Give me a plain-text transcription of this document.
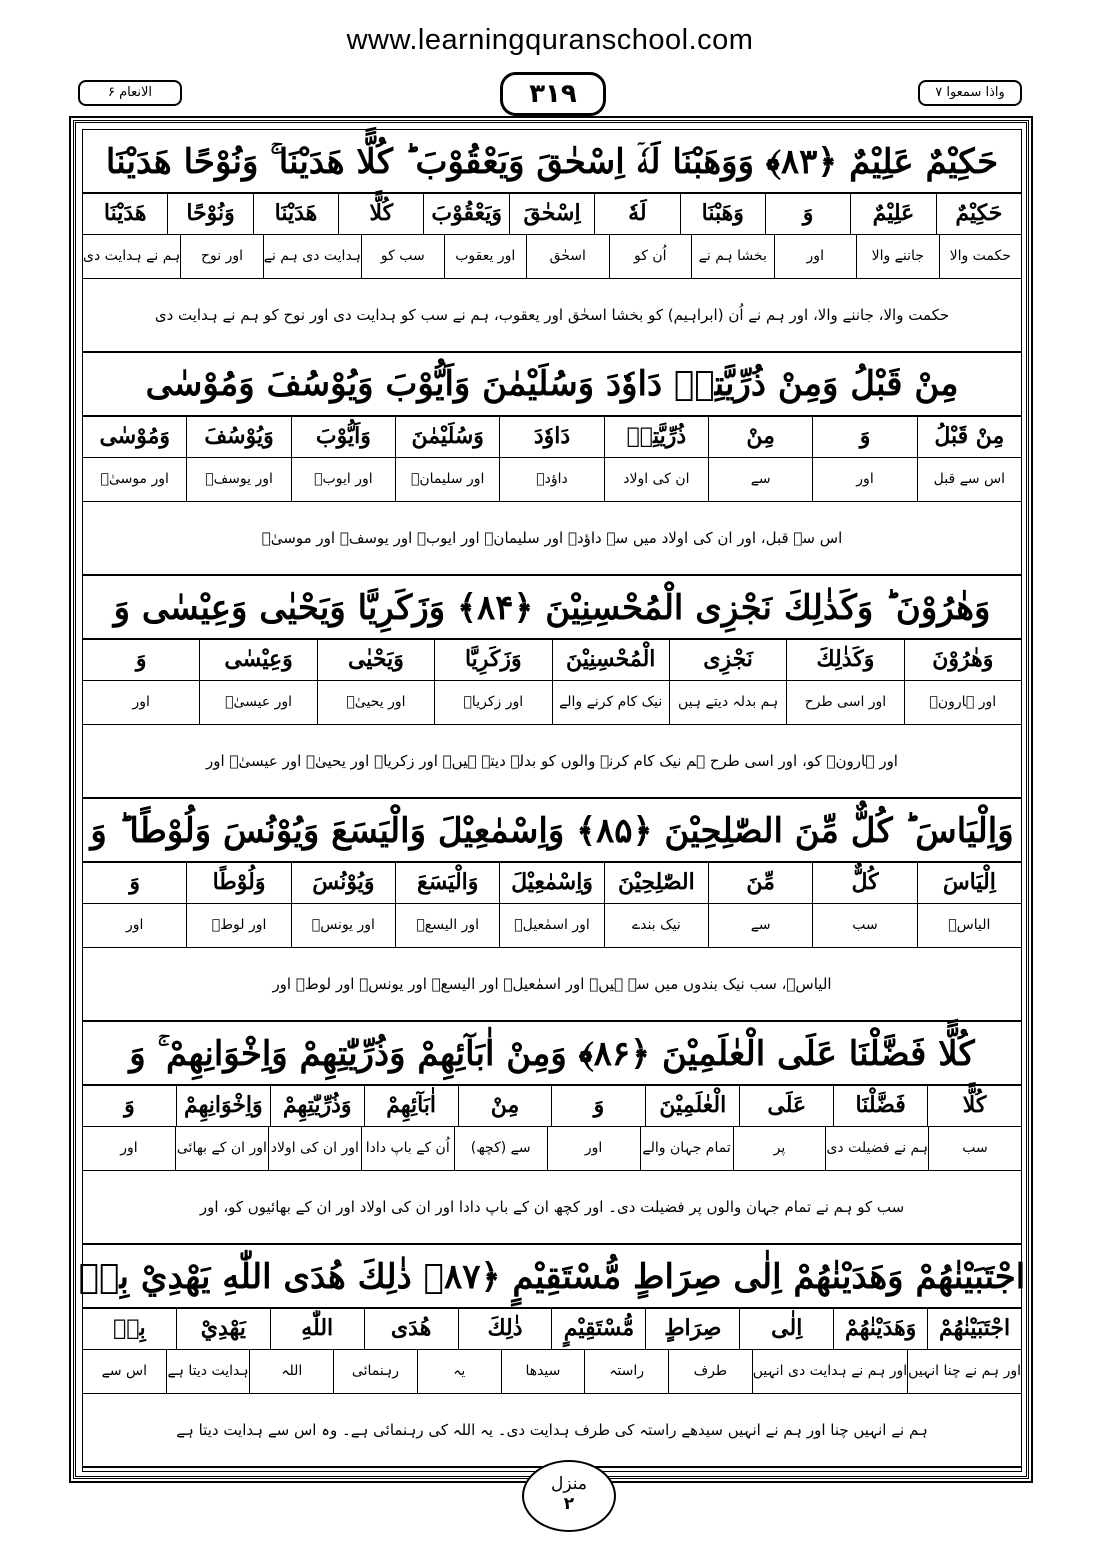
www.learningquranschool.com
الانعام ۶	۳۱۹	واذا سمعوا ۷
حَكِيْمٌ عَلِيْمٌ ﴿۸۳﴾ وَوَهَبْنَا لَهٗۤ اِسْحٰقَ وَيَعْقُوْبَ ؕ كُلًّا هَدَيْنَا ۚ وَنُوْحًا هَدَيْنَا
حَكِيْمٌ
عَلِيْمٌ
وَ
وَهَبْنَا
لَهٗ
اِسْحٰقَ
وَيَعْقُوْبَ
كُلًّا
هَدَيْنَا
وَنُوْحًا
هَدَيْنَا
حکمت والا
جاننے والا
اور
بخشا ہم نے
اُن کو
اسحٰق
اور یعقوب
سب کو
ہدایت دی ہم نے
اور نوح
ہم نے ہدایت دی
حکمت والا، جاننے والا، اور ہم نے اُن (ابراہیم) کو بخشا اسحٰق اور یعقوب، ہم نے سب کو ہدایت دی اور نوح کو ہم نے ہدایت دی
مِنْ قَبْلُ وَمِنْ ذُرِّيَّتِهٖ دَاوٗدَ وَسُلَيْمٰنَ وَاَيُّوْبَ وَيُوْسُفَ وَمُوْسٰى
مِنْ قَبْلُ
وَ
مِنْ
ذُرِّيَّتِهٖ
دَاوٗدَ
وَسُلَيْمٰنَ
وَاَيُّوْبَ
وَيُوْسُفَ
وَمُوْسٰى
اس سے قبل
اور
سے
ان کی اولاد
داؤدؑ
اور سلیمانؑ
اور ایوبؑ
اور یوسفؑ
اور موسیٰؑ
اس سے قبل، اور ان کی اولاد میں سے داؤدؑ اور سلیمانؑ اور ایوبؑ اور یوسفؑ اور موسیٰؑ
وَهٰرُوْنَ ؕ وَكَذٰلِكَ نَجْزِى الْمُحْسِنِيْنَ ﴿۸۴﴾ وَزَكَرِيَّا وَيَحْيٰى وَعِيْسٰى وَ
وَهٰرُوْنَ
وَكَذٰلِكَ
نَجْزِى
الْمُحْسِنِيْنَ
وَزَكَرِيَّا
وَيَحْيٰى
وَعِيْسٰى
وَ
اور ہارونؑ
اور اسی طرح
ہم بدلہ دیتے ہیں
نیک کام کرنے والے
اور زکریاؑ
اور یحییٰؑ
اور عیسیٰؑ
اور
اور ہارونؑ کو، اور اسی طرح ہم نیک کام کرنے والوں کو بدلہ دیتے ہیں۔ اور زکریاؑ اور یحییٰؑ اور عیسیٰؑ اور
وَاِلْيَاسَ ؕ كُلٌّ مِّنَ الصّٰلِحِيْنَ ﴿۸۵﴾ وَاِسْمٰعِيْلَ وَالْيَسَعَ وَيُوْنُسَ وَلُوْطًا ؕ وَ
اِلْيَاسَ
كُلٌّ
مِّنَ
الصّٰلِحِيْنَ
وَاِسْمٰعِيْلَ
وَالْيَسَعَ
وَيُوْنُسَ
وَلُوْطًا
وَ
الیاسؑ
سب
سے
نیک بندے
اور اسمٰعیلؑ
اور الیسعؑ
اور یونسؑ
اور لوطؑ
اور
الیاسؑ، سب نیک بندوں میں سے ہیں۔ اور اسمٰعیلؑ اور الیسعؑ اور یونسؑ اور لوطؑ اور
كُلًّا فَضَّلْنَا عَلَى الْعٰلَمِيْنَ ﴿۸۶﴾ وَمِنْ اٰبَآئِهِمْ وَذُرِّيّٰتِهِمْ وَاِخْوَانِهِمْ ۚ وَ
كُلًّا
فَضَّلْنَا
عَلَى
الْعٰلَمِيْنَ
وَ
مِنْ
اٰبَآئِهِمْ
وَذُرِّيّٰتِهِمْ
وَاِخْوَانِهِمْ
وَ
سب
ہم نے فضیلت دی
پر
تمام جہان والے
اور
سے (کچھ)
اُن کے باپ دادا
اور ان کی اولاد
اور ان کے بھائی
اور
سب کو ہم نے تمام جہان والوں پر فضیلت دی۔ اور کچھ ان کے باپ دادا اور ان کی اولاد اور ان کے بھائیوں کو، اور
اجْتَبَيْنٰهُمْ وَهَدَيْنٰهُمْ اِلٰى صِرَاطٍ مُّسْتَقِيْمٍ ﴿۸۷﴾ ذٰلِكَ هُدَى اللّٰهِ يَهْدِيْ بِهٖ
اجْتَبَيْنٰهُمْ
وَهَدَيْنٰهُمْ
اِلٰى
صِرَاطٍ
مُّسْتَقِيْمٍ
ذٰلِكَ
هُدَى
اللّٰهِ
يَهْدِيْ
بِهٖ
اور ہم نے چنا انہیں
اور ہم نے ہدایت دی انہیں
طرف
راستہ
سیدھا
یہ
رہنمائی
اللہ
ہدایت دیتا ہے
اس سے
ہم نے انہیں چنا اور ہم نے انہیں سیدھے راستہ کی طرف ہدایت دی۔ یہ اللہ کی رہنمائی ہے۔ وہ اس سے ہدایت دیتا ہے
منزل
۲
